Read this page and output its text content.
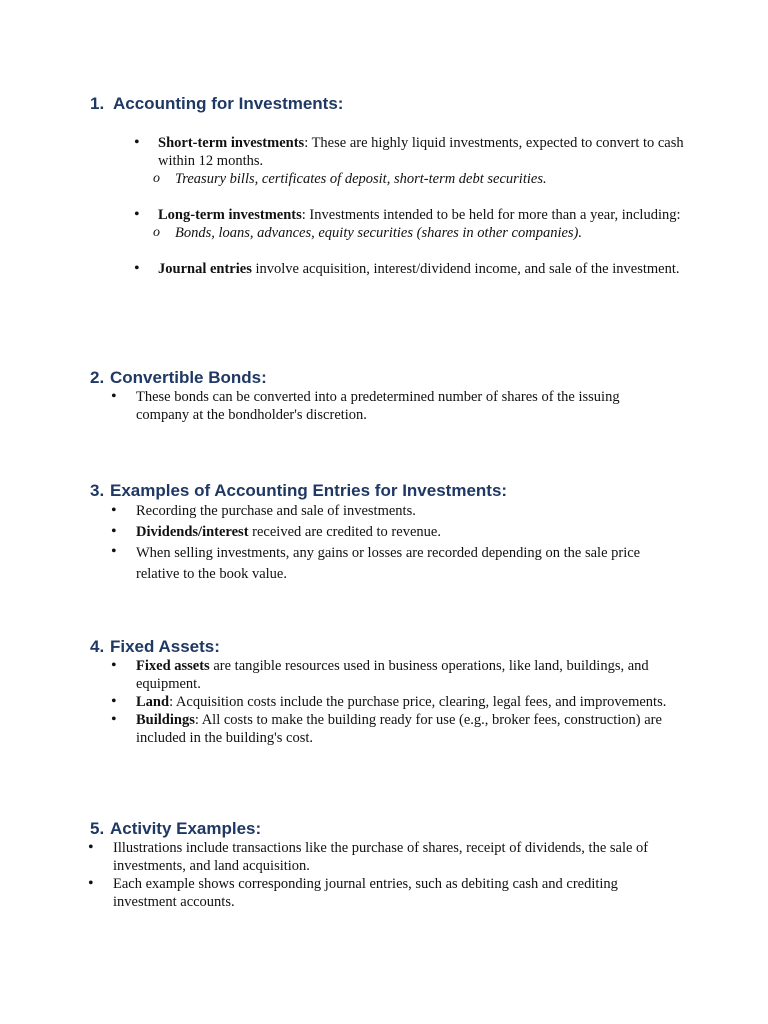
1. Accounting for Investments:
• Short-term investments: These are highly liquid investments, expected to convert to cash within 12 months.
o Treasury bills, certificates of deposit, short-term debt securities.
• Long-term investments: Investments intended to be held for more than a year, including:
o Bonds, loans, advances, equity securities (shares in other companies).
• Journal entries involve acquisition, interest/dividend income, and sale of the investment.
2. Convertible Bonds:
• These bonds can be converted into a predetermined number of shares of the issuing company at the bondholder's discretion.
3. Examples of Accounting Entries for Investments:
• Recording the purchase and sale of investments.
• Dividends/interest received are credited to revenue.
• When selling investments, any gains or losses are recorded depending on the sale price relative to the book value.
4. Fixed Assets:
• Fixed assets are tangible resources used in business operations, like land, buildings, and equipment.
• Land: Acquisition costs include the purchase price, clearing, legal fees, and improvements.
• Buildings: All costs to make the building ready for use (e.g., broker fees, construction) are included in the building's cost.
5. Activity Examples:
• Illustrations include transactions like the purchase of shares, receipt of dividends, the sale of investments, and land acquisition.
• Each example shows corresponding journal entries, such as debiting cash and crediting investment accounts.
